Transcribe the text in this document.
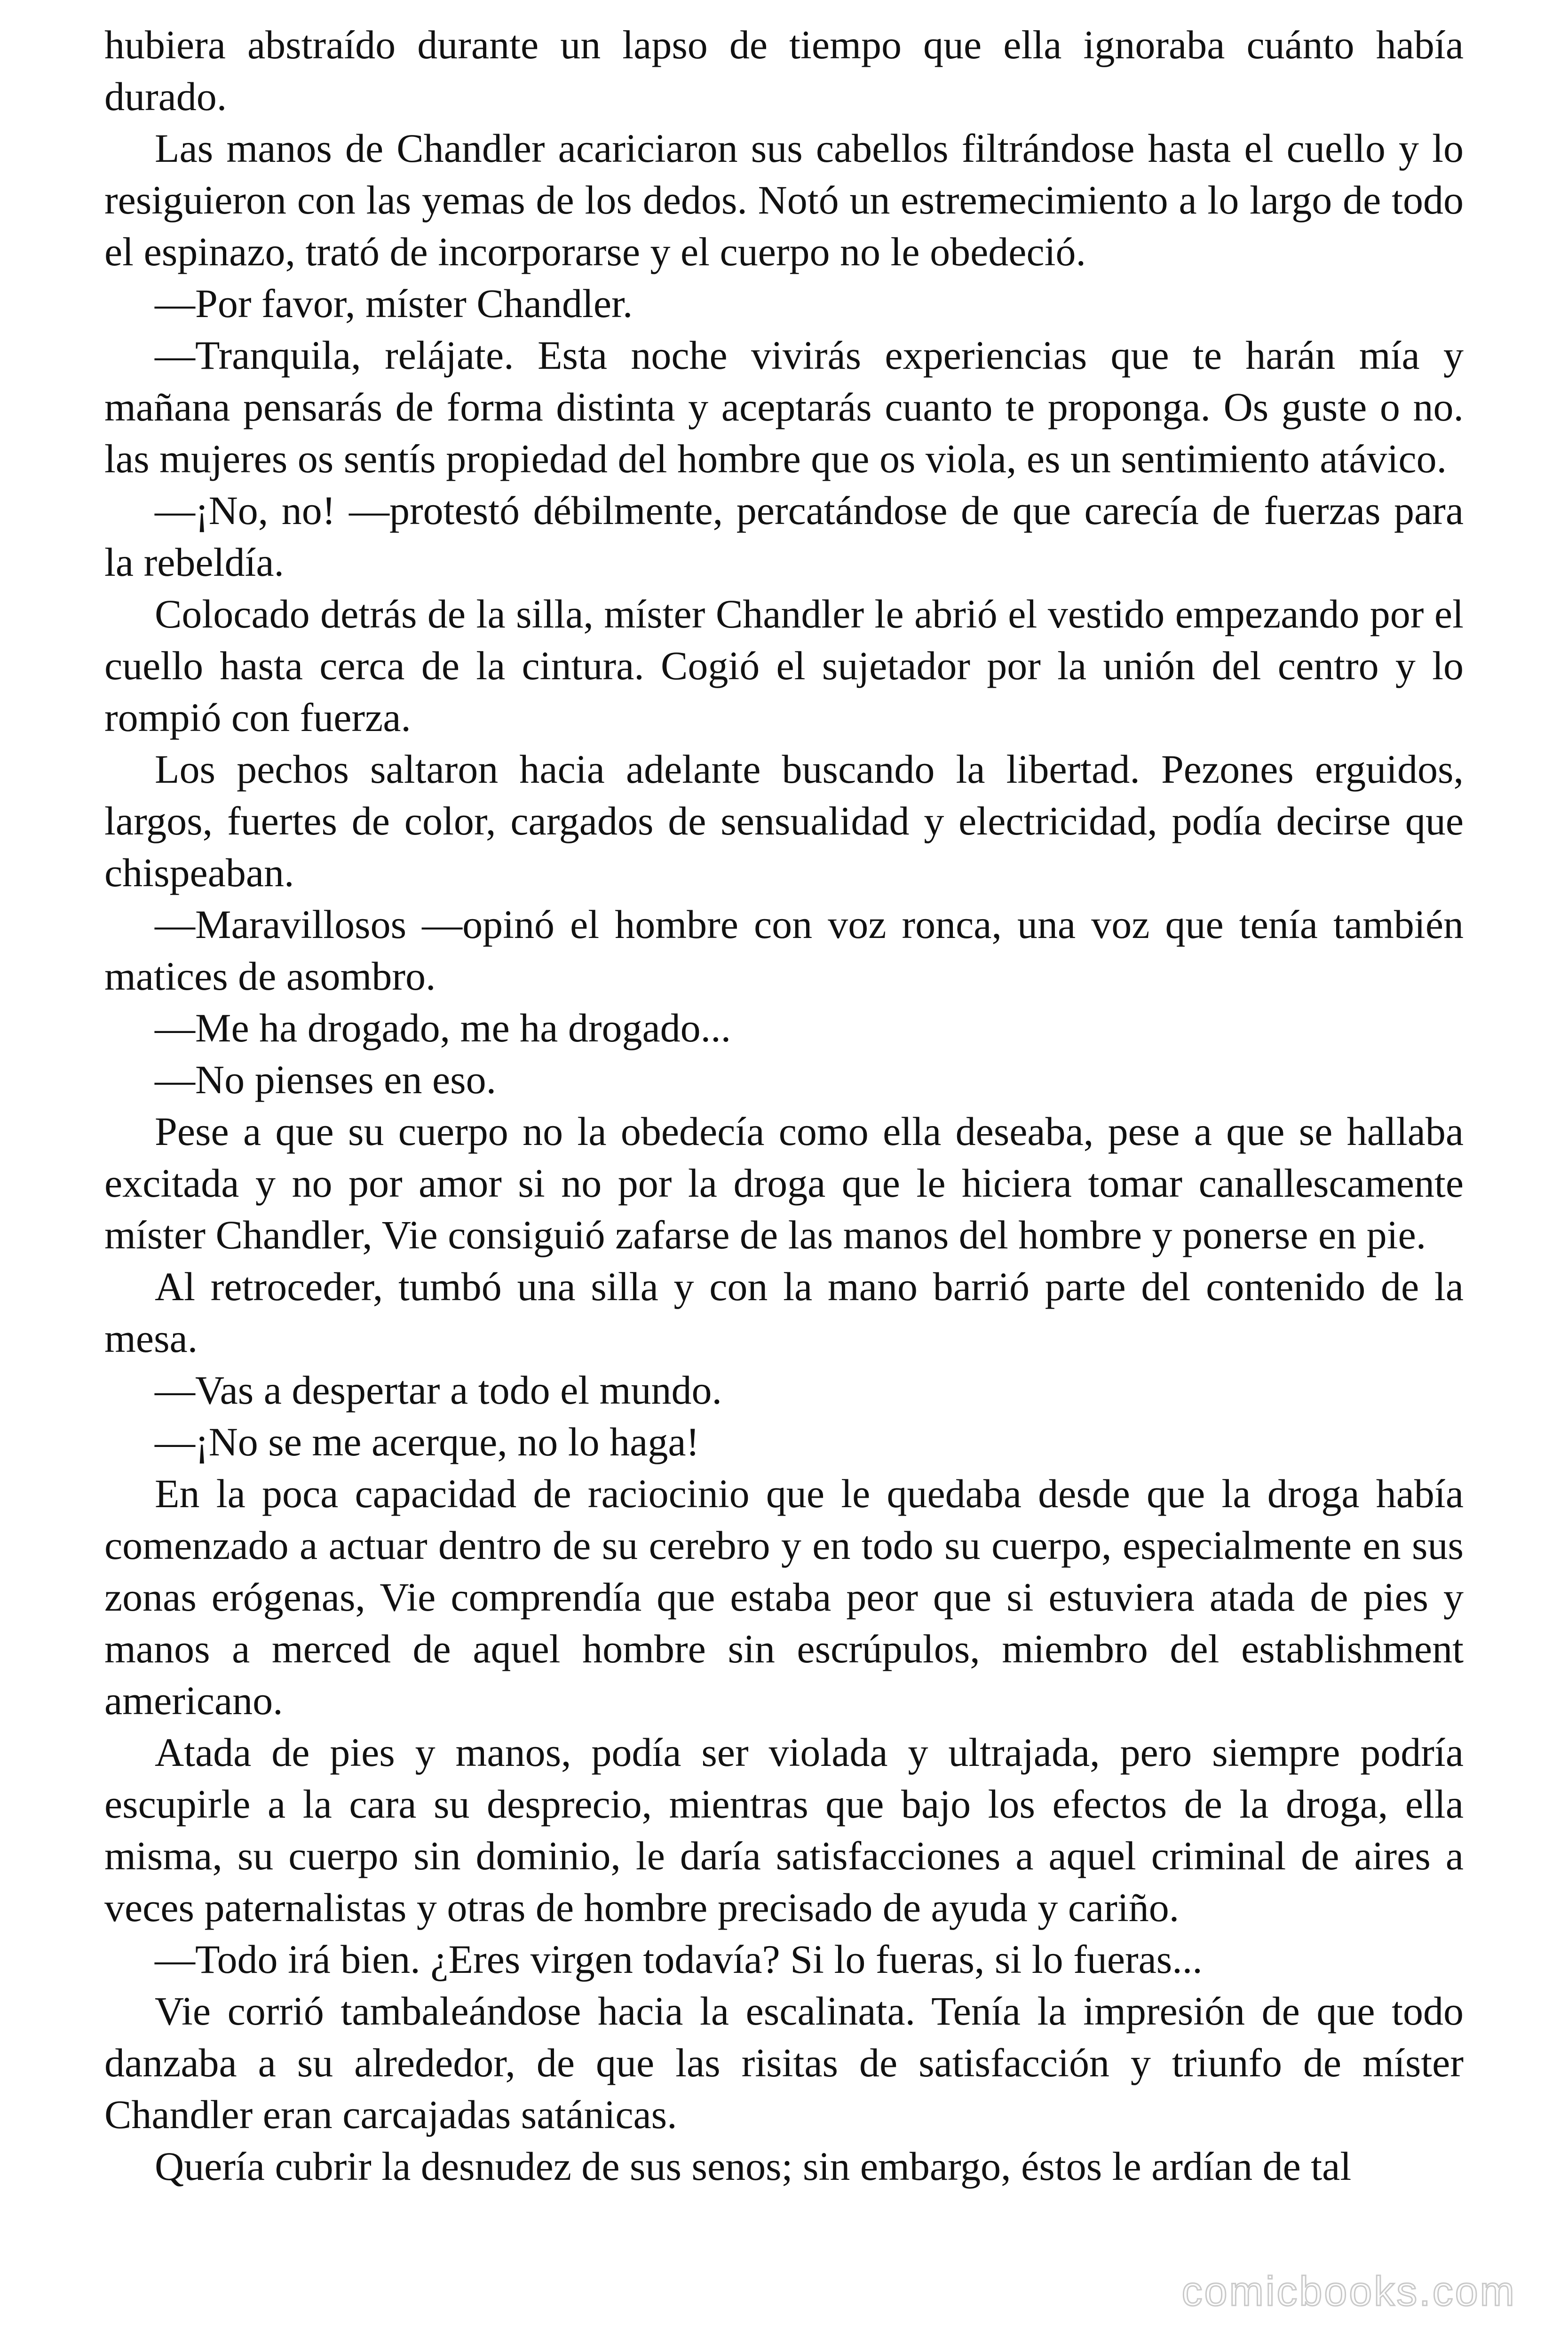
hubiera abstraído durante un lapso de tiempo que ella ignoraba cuánto había durado.

Las manos de Chandler acariciaron sus cabellos filtrándose hasta el cuello y lo resiguieron con las yemas de los dedos. Notó un estremecimiento a lo largo de todo el espinazo, trató de incorporarse y el cuerpo no le obedeció.

—Por favor, míster Chandler.

—Tranquila, relájate. Esta noche vivirás experiencias que te harán mía y mañana pensarás de forma distinta y aceptarás cuanto te proponga. Os guste o no. las mujeres os sentís propiedad del hombre que os viola, es un sentimiento atávico.

—¡No, no! —protestó débilmente, percatándose de que carecía de fuerzas para la rebeldía.

Colocado detrás de la silla, míster Chandler le abrió el vestido empezando por el cuello hasta cerca de la cintura. Cogió el sujetador por la unión del centro y lo rompió con fuerza.

Los pechos saltaron hacia adelante buscando la libertad. Pezones erguidos, largos, fuertes de color, cargados de sensualidad y electricidad, podía decirse que chispeaban.

—Maravillosos —opinó el hombre con voz ronca, una voz que tenía también matices de asombro.

—Me ha drogado, me ha drogado...

—No pienses en eso.

Pese a que su cuerpo no la obedecía como ella deseaba, pese a que se hallaba excitada y no por amor si no por la droga que le hiciera tomar canallescamente míster Chandler, Vie consiguió zafarse de las manos del hombre y ponerse en pie.

Al retroceder, tumbó una silla y con la mano barrió parte del contenido de la mesa.

—Vas a despertar a todo el mundo.

—¡No se me acerque, no lo haga!

En la poca capacidad de raciocinio que le quedaba desde que la droga había comenzado a actuar dentro de su cerebro y en todo su cuerpo, especialmente en sus zonas erógenas, Vie comprendía que estaba peor que si estuviera atada de pies y manos a merced de aquel hombre sin escrúpulos, miembro del establishment americano.

Atada de pies y manos, podía ser violada y ultrajada, pero siempre podría escupirle a la cara su desprecio, mientras que bajo los efectos de la droga, ella misma, su cuerpo sin dominio, le daría satisfacciones a aquel criminal de aires a veces paternalistas y otras de hombre precisado de ayuda y cariño.

—Todo irá bien. ¿Eres virgen todavía? Si lo fueras, si lo fueras...

Vie corrió tambaleándose hacia la escalinata. Tenía la impresión de que todo danzaba a su alrededor, de que las risitas de satisfacción y triunfo de míster Chandler eran carcajadas satánicas.

Quería cubrir la desnudez de sus senos; sin embargo, éstos le ardían de tal

comicbooks.com
